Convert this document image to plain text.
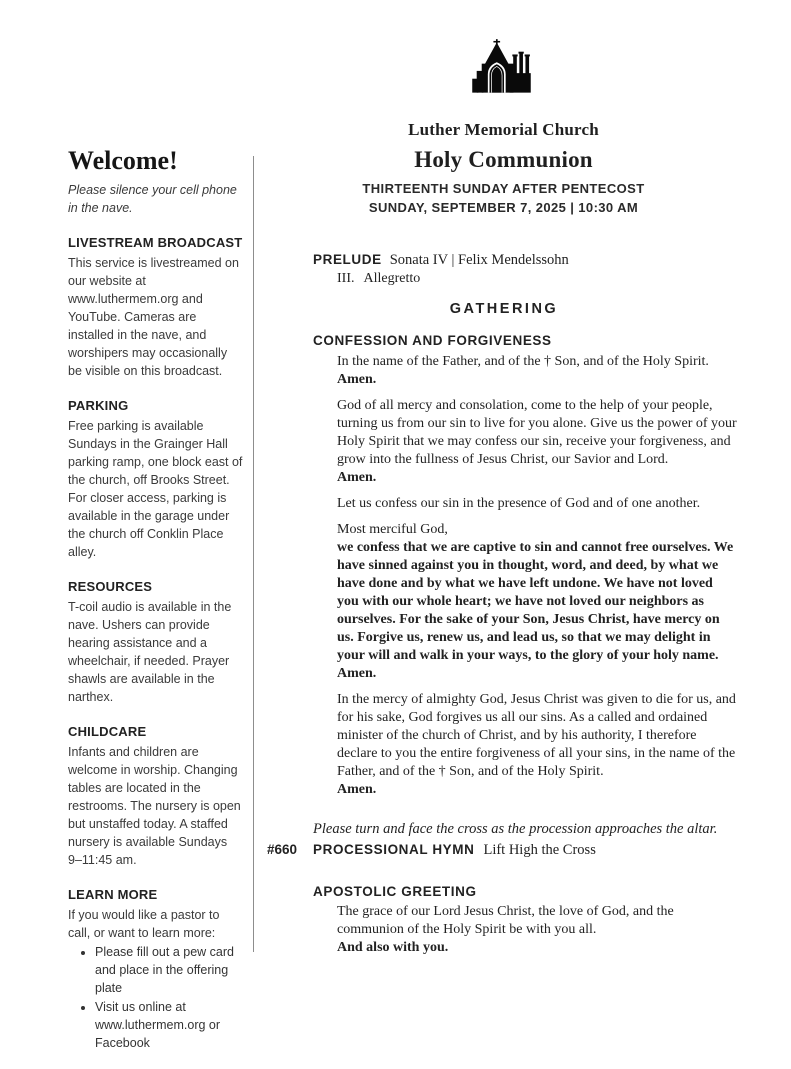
Luther Memorial Church
Holy Communion
THIRTEENTH SUNDAY AFTER PENTECOST
SUNDAY, SEPTEMBER 7, 2025 | 10:30 AM
Welcome!
Please silence your cell phone in the nave.
LIVESTREAM BROADCAST
This service is livestreamed on our website at www.luthermem.org and YouTube. Cameras are installed in the nave, and worshipers may occasionally be visible on this broadcast.
PARKING
Free parking is available Sundays in the Grainger Hall parking ramp, one block east of the church, off Brooks Street. For closer access, parking is available in the garage under the church off Conklin Place alley.
RESOURCES
T-coil audio is available in the nave. Ushers can provide hearing assistance and a wheelchair, if needed. Prayer shawls are available in the narthex.
CHILDCARE
Infants and children are welcome in worship. Changing tables are located in the restrooms. The nursery is open but unstaffed today. A staffed nursery is available Sundays 9–11:45 am.
LEARN MORE
If you would like a pastor to call, or want to learn more:
• Please fill out a pew card and place in the offering plate
• Visit us online at www.luthermem.org or Facebook
PRELUDE Sonata IV | Felix Mendelssohn
III. Allegretto
GATHERING
CONFESSION AND FORGIVENESS
In the name of the Father, and of the † Son, and of the Holy Spirit.
Amen.
God of all mercy and consolation, come to the help of your people, turning us from our sin to live for you alone. Give us the power of your Holy Spirit that we may confess our sin, receive your forgiveness, and grow into the fullness of Jesus Christ, our Savior and Lord.
Amen.
Let us confess our sin in the presence of God and of one another.
Most merciful God,
we confess that we are captive to sin and cannot free ourselves. We have sinned against you in thought, word, and deed, by what we have done and by what we have left undone. We have not loved you with our whole heart; we have not loved our neighbors as ourselves. For the sake of your Son, Jesus Christ, have mercy on us. Forgive us, renew us, and lead us, so that we may delight in your will and walk in your ways, to the glory of your holy name.
Amen.
In the mercy of almighty God, Jesus Christ was given to die for us, and for his sake, God forgives us all our sins. As a called and ordained minister of the church of Christ, and by his authority, I therefore declare to you the entire forgiveness of all your sins, in the name of the Father, and of the † Son, and of the Holy Spirit.
Amen.
Please turn and face the cross as the procession approaches the altar.
#660 PROCESSIONAL HYMN Lift High the Cross
APOSTOLIC GREETING
The grace of our Lord Jesus Christ, the love of God, and the communion of the Holy Spirit be with you all.
And also with you.
